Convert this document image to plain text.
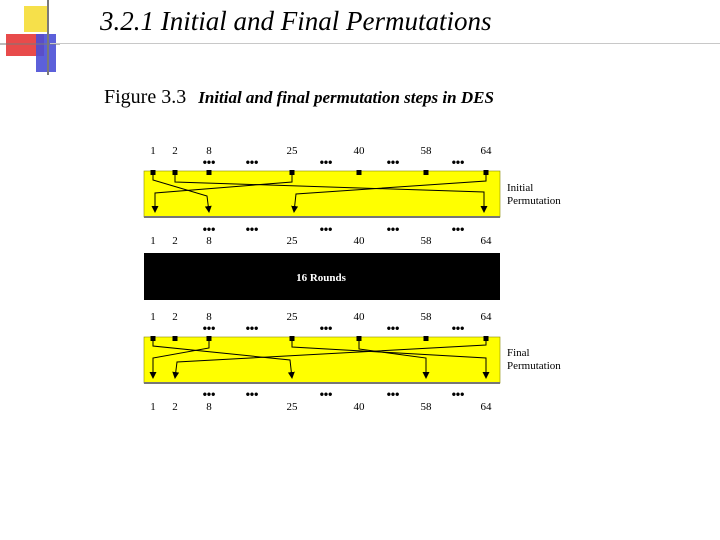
3.2.1 Initial and Final Permutations
Figure 3.3 Initial and final permutation steps in DES
1 2	8	25	40	58	64
•••	•••	•••	•••	•••
•••	•••	•••	•••	•••
1 2	8	25	40	58	64
Initial
Permutation
16 Rounds
1 2	8	25	40	58	64
•••	•••	•••	•••	•••
•••	•••	•••	•••	•••
1 2	8	25	40	58	64
Final
Permutation
